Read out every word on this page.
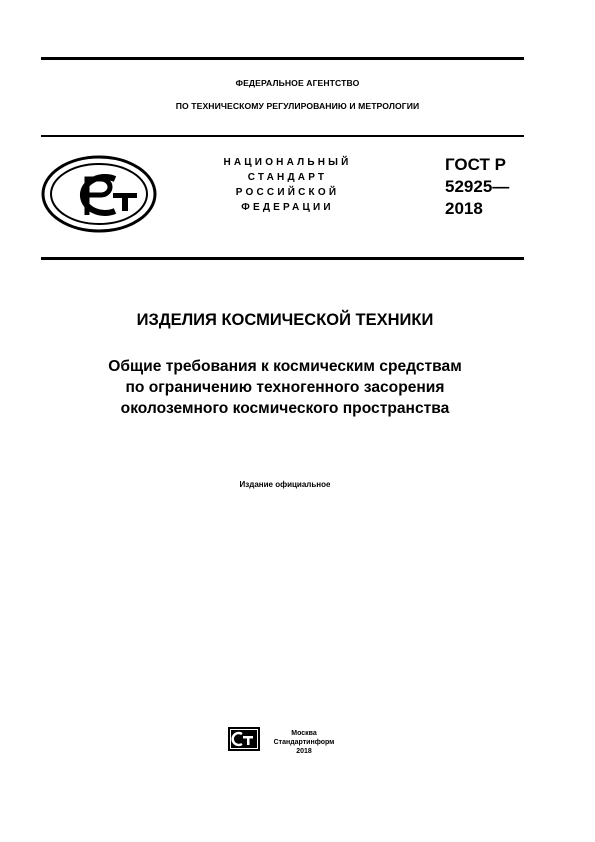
ФЕДЕРАЛЬНОЕ АГЕНТСТВО
ПО ТЕХНИЧЕСКОМУ РЕГУЛИРОВАНИЮ И МЕТРОЛОГИИ
НАЦИОНАЛЬНЫЙ
СТАНДАРТ
РОССИЙСКОЙ
ФЕДЕРАЦИИ
ГОСТ Р
52925—
2018
ИЗДЕЛИЯ КОСМИЧЕСКОЙ ТЕХНИКИ
Общие требования к космическим средствам
по ограничению техногенного засорения
околоземного космического пространства
Издание официальное
Москва
Стандартинформ
2018
